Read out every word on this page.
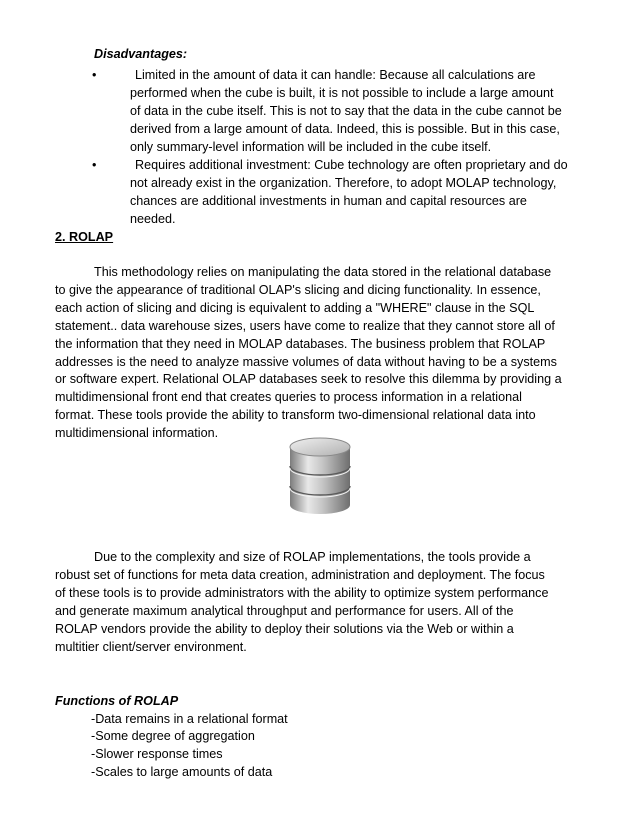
Disadvantages:
•	Limited in the amount of data it can handle: Because all calculations are
performed when the cube is built, it is not possible to include a large amount
of data in the cube itself. This is not to say that the data in the cube cannot be
derived from a large amount of data. Indeed, this is possible. But in this case,
only summary-level information will be included in the cube itself.
•	Requires additional investment: Cube technology are often proprietary and do
not already exist in the organization. Therefore, to adopt MOLAP technology,
chances are additional investments in human and capital resources are
needed.
2. ROLAP
This methodology relies on manipulating the data stored in the relational database
to give the appearance of traditional OLAP's slicing and dicing functionality. In essence,
each action of slicing and dicing is equivalent to adding a "WHERE" clause in the SQL
statement.. data warehouse sizes, users have come to realize that they cannot store all of
the information that they need in MOLAP databases. The business problem that ROLAP
addresses is the need to analyze massive volumes of data without having to be a systems
or software expert. Relational OLAP databases seek to resolve this dilemma by providing a
multidimensional front end that creates queries to process information in a relational
format. These tools provide the ability to transform two-dimensional relational data into
multidimensional information.
Due to the complexity and size of ROLAP implementations, the tools provide a
robust set of functions for meta data creation, administration and deployment. The focus
of these tools is to provide administrators with the ability to optimize system performance
and generate maximum analytical throughput and performance for users. All of the
ROLAP vendors provide the ability to deploy their solutions via the Web or within a
multitier client/server environment.
Functions of ROLAP
-Data remains in a relational format
-Some degree of aggregation
-Slower response times
-Scales to large amounts of data
